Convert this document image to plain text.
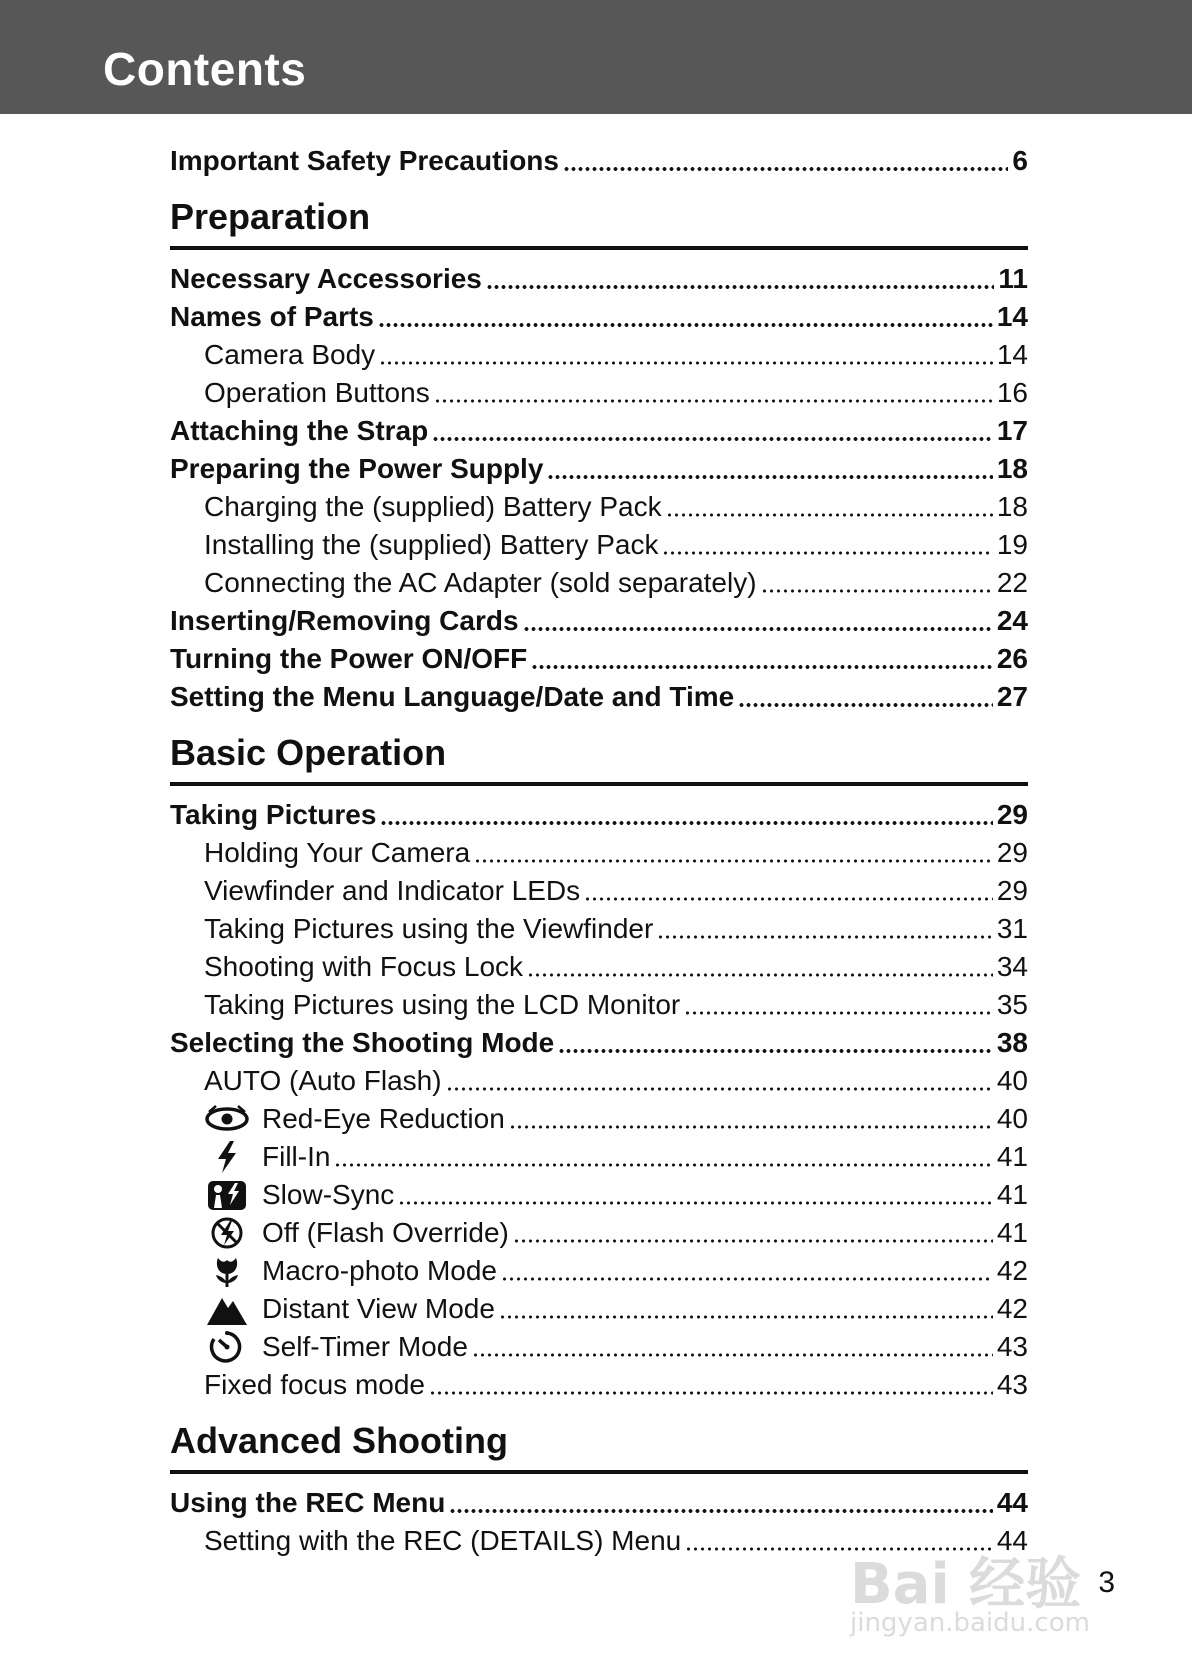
Contents
Important Safety Precautions	6
Preparation
Necessary Accessories	11
Names of Parts	14
Camera Body	14
Operation Buttons	16
Attaching the Strap	17
Preparing the Power Supply	18
Charging the (supplied) Battery Pack	18
Installing the (supplied) Battery Pack	19
Connecting the AC Adapter (sold separately)	22
Inserting/Removing Cards	24
Turning the Power ON/OFF	26
Setting the Menu Language/Date and Time	27
Basic Operation
Taking Pictures	29
Holding Your Camera	29
Viewfinder and Indicator LEDs	29
Taking Pictures using the Viewfinder	31
Shooting with Focus Lock	34
Taking Pictures using the LCD Monitor	35
Selecting the Shooting Mode	38
AUTO (Auto Flash)	40
Red-Eye Reduction	40
Fill-In	41
Slow-Sync	41
Off (Flash Override)	41
Macro-photo Mode	42
Distant View Mode	42
Self-Timer Mode	43
Fixed focus mode	43
Advanced Shooting
Using the REC Menu	44
Setting with the REC (DETAILS) Menu	44
3
Bai 经验
jingyan.baidu.com
